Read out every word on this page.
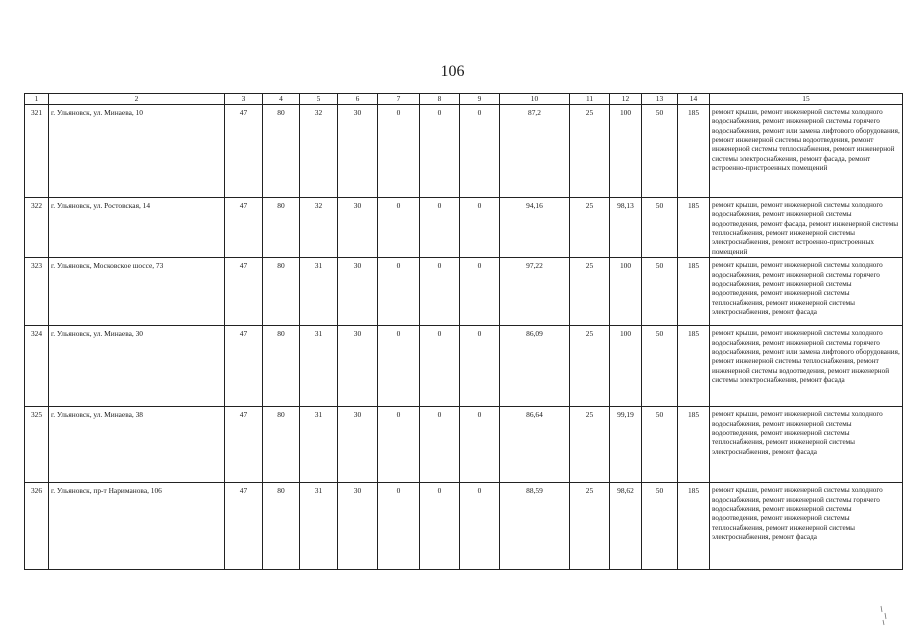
106
1	2	3	4	5	6	7	8	9	10	11	12	13	14	15
321	г. Ульяновск, ул. Минаева, 10	47	80	32	30	0	0	0	87,2	25	100	50	185	ремонт крыши, ремонт инженерной системы холодного водоснабжения, ремонт инженерной системы горячего водоснабжения, ремонт или замена лифтового оборудования, ремонт инженерной системы водоотведения, ремонт инженерной системы теплоснабжения, ремонт инженерной системы электроснабжения, ремонт фасада, ремонт встроенно-пристроенных помещений
322	г. Ульяновск, ул. Ростовская, 14	47	80	32	30	0	0	0	94,16	25	98,13	50	185	ремонт крыши, ремонт инженерной системы холодного водоснабжения, ремонт инженерной системы водоотведения, ремонт фасада, ремонт инженерной системы теплоснабжения, ремонт инженерной системы электроснабжения, ремонт встроенно-пристроенных помещений
323	г. Ульяновск, Московское шоссе, 73	47	80	31	30	0	0	0	97,22	25	100	50	185	ремонт крыши, ремонт инженерной системы холодного водоснабжения, ремонт инженерной системы горячего водоснабжения, ремонт инженерной системы водоотведения, ремонт инженерной системы теплоснабжения, ремонт инженерной системы электроснабжения, ремонт фасада
324	г. Ульяновск, ул. Минаева, 30	47	80	31	30	0	0	0	86,09	25	100	50	185	ремонт крыши, ремонт инженерной системы холодного водоснабжения, ремонт инженерной системы горячего водоснабжения, ремонт или замена лифтового оборудования, ремонт инженерной системы теплоснабжения, ремонт инженерной системы водоотведения, ремонт инженерной системы электроснабжения, ремонт фасада
325	г. Ульяновск, ул. Минаева, 38	47	80	31	30	0	0	0	86,64	25	99,19	50	185	ремонт крыши, ремонт инженерной системы холодного водоснабжения, ремонт инженерной системы водоотведения, ремонт инженерной системы теплоснабжения, ремонт инженерной системы электроснабжения, ремонт фасада
326	г. Ульяновск, пр-т Нариманова, 106	47	80	31	30	0	0	0	88,59	25	98,62	50	185	ремонт крыши, ремонт инженерной системы холодного водоснабжения, ремонт инженерной системы горячего водоснабжения, ремонт инженерной системы водоотведения, ремонт инженерной системы теплоснабжения, ремонт инженерной системы электроснабжения, ремонт фасада
